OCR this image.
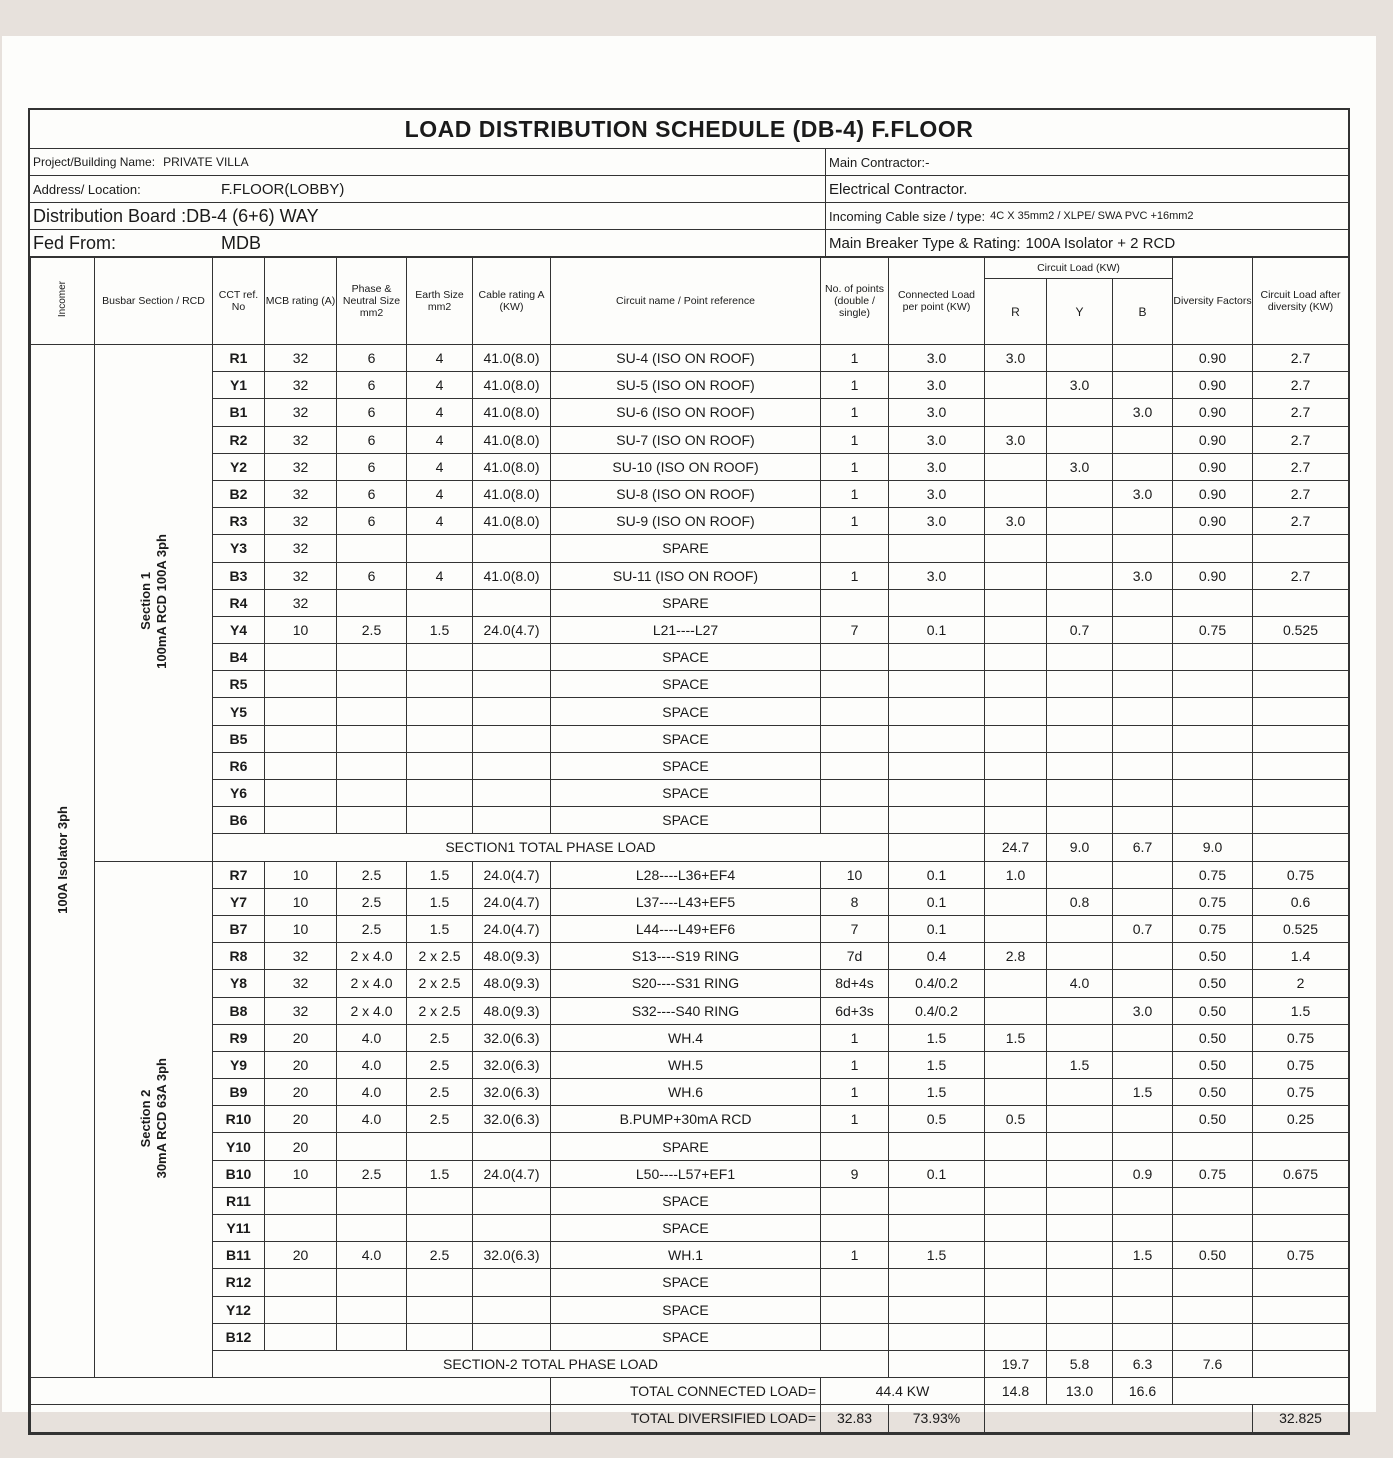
LOAD DISTRIBUTION SCHEDULE (DB-4) F.FLOOR
Project/Building Name: PRIVATE VILLA	Main Contractor:-
Address/ Location:	F.FLOOR(LOBBY)	Electrical Contractor.
Distribution Board :DB-4 (6+6) WAY	Incoming Cable size / type: 4C X 35mm2 / XLPE/ SWA PVC +16mm2
Fed From:	MDB	Main Breaker Type & Rating: 100A Isolator + 2 RCD
Incomer	Busbar Section / RCD	CCT ref. No	MCB rating (A)	Phase & Neutral Size mm2	Earth Size mm2	Cable rating A (KW)	Circuit name / Point reference	No. of points (double / single)	Connected Load per point (KW)	Circuit Load (KW)			Diversity Factors	Circuit Load after diversity (KW)	
										R	Y	B			
100A Isolator 3ph	Section 1
100mA RCD 100A 3ph	R1	32	6	4	41.0(8.0)	SU-4 (ISO ON ROOF)	1	3.0	3.0			0.90	2.7	
		Y1	32	6	4	41.0(8.0)	SU-5 (ISO ON ROOF)	1	3.0		3.0		0.90	2.7	
		B1	32	6	4	41.0(8.0)	SU-6 (ISO ON ROOF)	1	3.0			3.0	0.90	2.7	
		R2	32	6	4	41.0(8.0)	SU-7 (ISO ON ROOF)	1	3.0	3.0			0.90	2.7	
		Y2	32	6	4	41.0(8.0)	SU-10 (ISO ON ROOF)	1	3.0		3.0		0.90	2.7	
		B2	32	6	4	41.0(8.0)	SU-8 (ISO ON ROOF)	1	3.0			3.0	0.90	2.7	
		R3	32	6	4	41.0(8.0)	SU-9 (ISO ON ROOF)	1	3.0	3.0			0.90	2.7	
		Y3	32				SPARE								
		B3	32	6	4	41.0(8.0)	SU-11 (ISO ON ROOF)	1	3.0			3.0	0.90	2.7	
		R4	32				SPARE								
		Y4	10	2.5	1.5	24.0(4.7)	L21----L27	7	0.1		0.7		0.75	0.525	
		B4					SPACE								
		R5					SPACE								
		Y5					SPACE								
		B5					SPACE								
		R6					SPACE								
		Y6					SPACE								
		B6					SPACE								
		SECTION1 TOTAL PHASE LOAD								24.7	9.0	6.7	9.0		
	Section 2
30mA RCD 63A 3ph	R7	10	2.5	1.5	24.0(4.7)	L28----L36+EF4	10	0.1	1.0			0.75	0.75	
		Y7	10	2.5	1.5	24.0(4.7)	L37----L43+EF5	8	0.1		0.8		0.75	0.6	
		B7	10	2.5	1.5	24.0(4.7)	L44----L49+EF6	7	0.1			0.7	0.75	0.525	
		R8	32	2 x 4.0	2 x 2.5	48.0(9.3)	S13----S19 RING	7d	0.4	2.8			0.50	1.4	
		Y8	32	2 x 4.0	2 x 2.5	48.0(9.3)	S20----S31 RING	8d+4s	0.4/0.2		4.0		0.50	2	
		B8	32	2 x 4.0	2 x 2.5	48.0(9.3)	S32----S40 RING	6d+3s	0.4/0.2			3.0	0.50	1.5	
		R9	20	4.0	2.5	32.0(6.3)	WH.4	1	1.5	1.5			0.50	0.75	
		Y9	20	4.0	2.5	32.0(6.3)	WH.5	1	1.5		1.5		0.50	0.75	
		B9	20	4.0	2.5	32.0(6.3)	WH.6	1	1.5			1.5	0.50	0.75	
		R10	20	4.0	2.5	32.0(6.3)	B.PUMP+30mA RCD	1	0.5	0.5			0.50	0.25	
		Y10	20				SPARE								
		B10	10	2.5	1.5	24.0(4.7)	L50----L57+EF1	9	0.1			0.9	0.75	0.675	
		R11					SPACE								
		Y11					SPACE								
		B11	20	4.0	2.5	32.0(6.3)	WH.1	1	1.5			1.5	0.50	0.75	
		R12					SPACE								
		Y12					SPACE								
		B12					SPACE								
		SECTION-2 TOTAL PHASE LOAD								19.7	5.8	6.3	7.6		
							TOTAL CONNECTED LOAD=	44.4 KW		14.8	13.0	16.6			
							TOTAL DIVERSIFIED LOAD=	32.83	73.93%					32.825	
